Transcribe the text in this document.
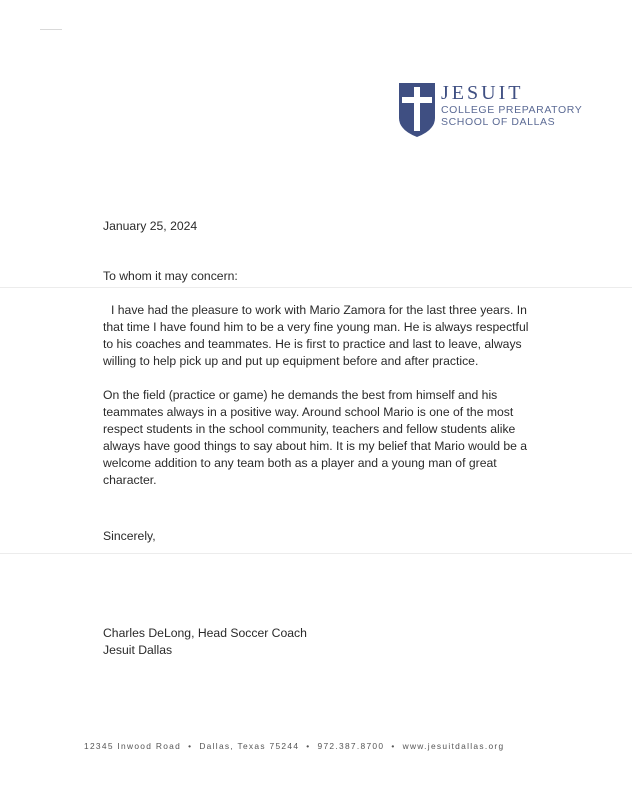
JESUIT
COLLEGE PREPARATORY
SCHOOL OF DALLAS
January 25, 2024
To whom it may concern:

I have had the pleasure to work with Mario Zamora for the last three years. In that time I have found him to be a very fine young man. He is always respectful to his coaches and teammates. He is first to practice and last to leave, always willing to help pick up and put up equipment before and after practice.

On the field (practice or game) he demands the best from himself and his teammates always in a positive way. Around school Mario is one of the most respect students in the school community, teachers and fellow students alike always have good things to say about him. It is my belief that Mario would be a welcome addition to any team both as a player and a young man of great character.

Sincerely,
Charles DeLong, Head Soccer Coach
Jesuit Dallas
12345 Inwood Road • Dallas, Texas 75244 • 972.387.8700 • www.jesuitdallas.org
